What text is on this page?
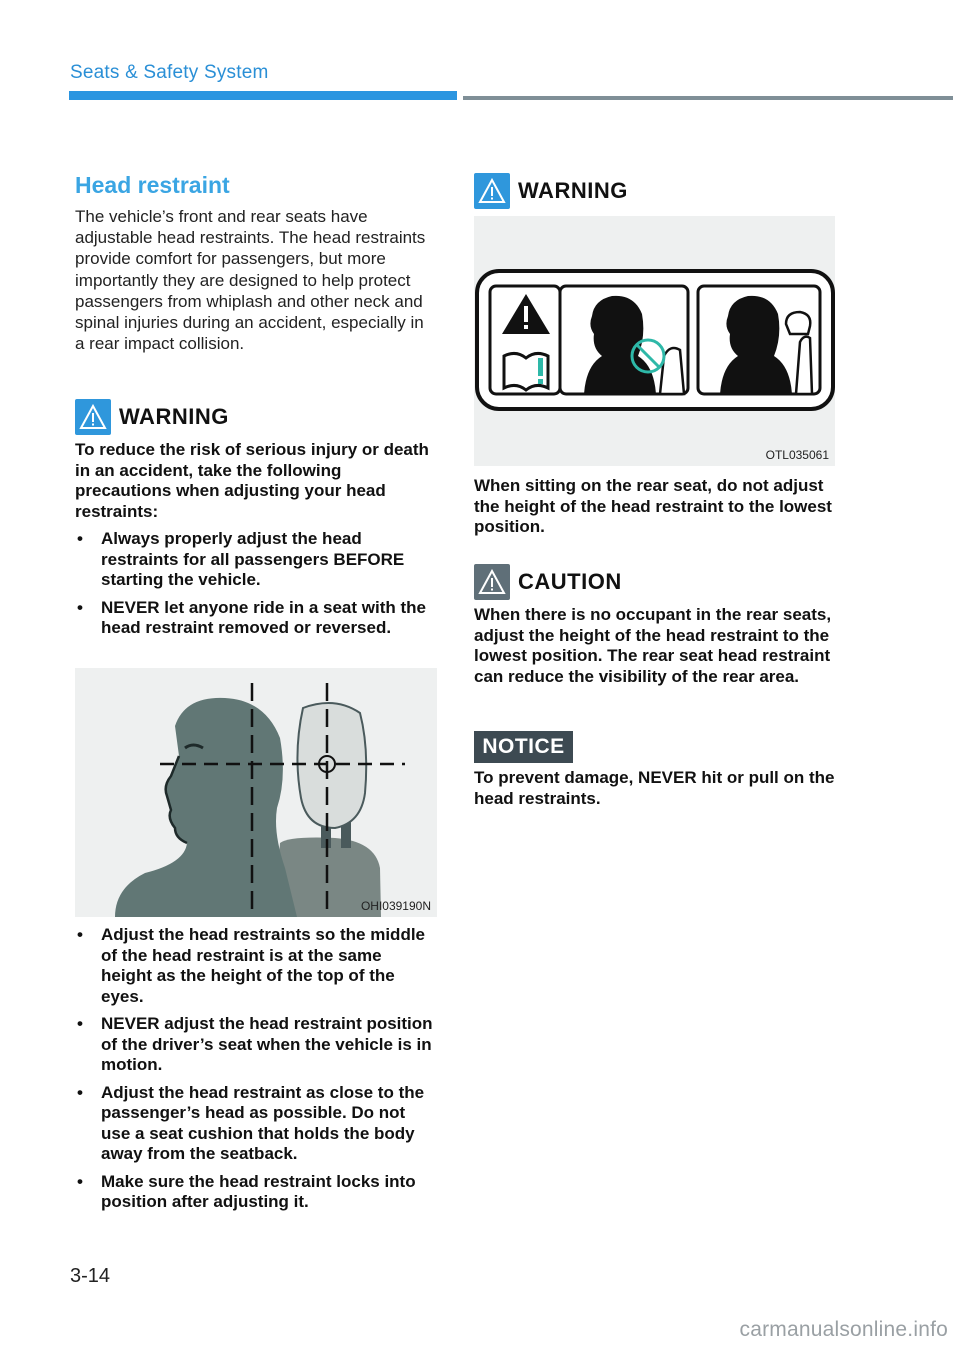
Seats & Safety System
Head restraint
The vehicle’s front and rear seats have adjustable head restraints. The head restraints provide comfort for passengers, but more importantly they are designed to help protect passengers from whiplash and other neck and spinal injuries during an accident, especially in a rear impact collision.
WARNING
To reduce the risk of serious injury or death in an accident, take the following precautions when adjusting your head restraints:
• Always properly adjust the head restraints for all passengers BEFORE starting the vehicle.
• NEVER let anyone ride in a seat with the head restraint removed or reversed.
OHI039190N
• Adjust the head restraints so the middle of the head restraint is at the same height as the height of the top of the eyes.
• NEVER adjust the head restraint position of the driver’s seat when the vehicle is in motion.
• Adjust the head restraint as close to the passenger’s head as possible. Do not use a seat cushion that holds the body away from the seatback.
• Make sure the head restraint locks into position after adjusting it.
WARNING
OTL035061
When sitting on the rear seat, do not adjust the height of the head restraint to the lowest position.
CAUTION
When there is no occupant in the rear seats, adjust the height of the head restraint to the lowest position. The rear seat head restraint can reduce the visibility of the rear area.
NOTICE
To prevent damage, NEVER hit or pull on the head restraints.
3-14
carmanualsonline.info
